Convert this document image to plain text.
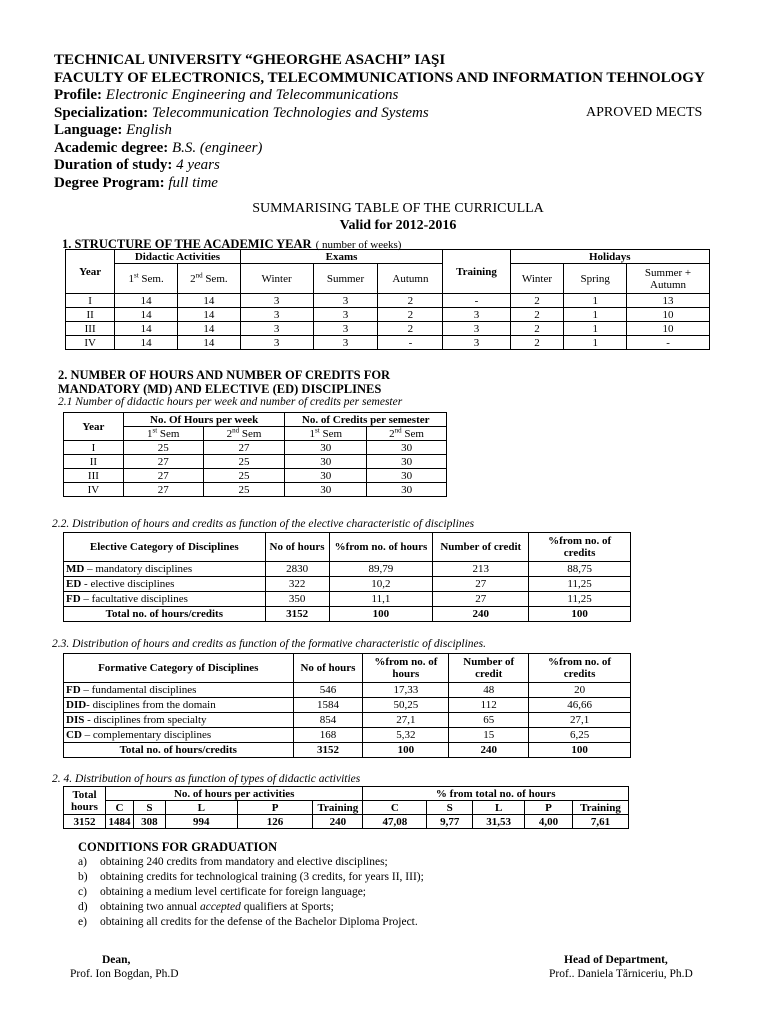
TECHNICAL UNIVERSITY “GHEORGHE ASACHI” IAŞI
FACULTY OF ELECTRONICS, TELECOMMUNICATIONS AND INFORMATION TEHNOLOGY
Profile: Electronic Engineering and Telecommunications
Specialization: Telecommunication Technologies and Systems
Language: English
Academic degree: B.S. (engineer)
Duration of study: 4 years
Degree Program: full time
APROVED MECTS
SUMMARISING TABLE OF THE CURRICULLA
Valid for 2012-2016
1. STRUCTURE OF THE ACADEMIC YEAR ( number of weeks)
Year	Didactic Activities		Exams			Training	Holidays		
	1st Sem.	2nd Sem.	Winter	Summer	Autumn		Winter	Spring	Summer + Autumn
I	14	14	3	3	2	-	2	1	13
II	14	14	3	3	2	3	2	1	10
III	14	14	3	3	2	3	2	1	10
IV	14	14	3	3	-	3	2	1	-
2. NUMBER OF HOURS AND NUMBER OF CREDITS FOR
MANDATORY (MD) AND ELECTIVE (ED) DISCIPLINES
2.1 Number of didactic hours per week and number of credits per semester
Year	No. Of Hours per week		No. of Credits per semester	
	1st Sem	2nd Sem	1st Sem	2nd Sem
I	25	27	30	30
II	27	25	30	30
III	27	25	30	30
IV	27	25	30	30
2.2. Distribution of hours and credits as function of the elective characteristic of disciplines
Elective Category of Disciplines	No of hours	%from no. of hours	Number of credit	%from no. of credits
MD – mandatory disciplines	2830	89,79	213	88,75
ED - elective disciplines	322	10,2	27	11,25
FD – facultative disciplines	350	11,1	27	11,25
Total no. of hours/credits	3152	100	240	100
2.3. Distribution of hours and credits as function of the formative characteristic of disciplines.
Formative Category of Disciplines	No of hours	%from no. of hours	Number of credit	%from no. of credits
FD – fundamental disciplines	546	17,33	48	20
DID- disciplines from the domain	1584	50,25	112	46,66
DIS - disciplines from specialty	854	27,1	65	27,1
CD – complementary disciplines	168	5,32	15	6,25
Total no. of hours/credits	3152	100	240	100
2. 4. Distribution of hours as function of types of didactic activities
Total hours	No. of hours per activities					% from total no. of hours				
	C	S	L	P	Training	C	S	L	P	Training
3152	1484	308	994	126	240	47,08	9,77	31,53	4,00	7,61
CONDITIONS FOR GRADUATION
a) obtaining 240 credits from mandatory and elective disciplines;
b) obtaining credits for technological training (3 credits, for years II, III);
c) obtaining a medium level certificate for foreign language;
d) obtaining two annual accepted qualifiers at Sports;
e) obtaining all credits for the defense of the Bachelor Diploma Project.
Dean,
Prof. Ion Bogdan, Ph.D
Head of Department,
Prof.. Daniela Tărniceriu, Ph.D
